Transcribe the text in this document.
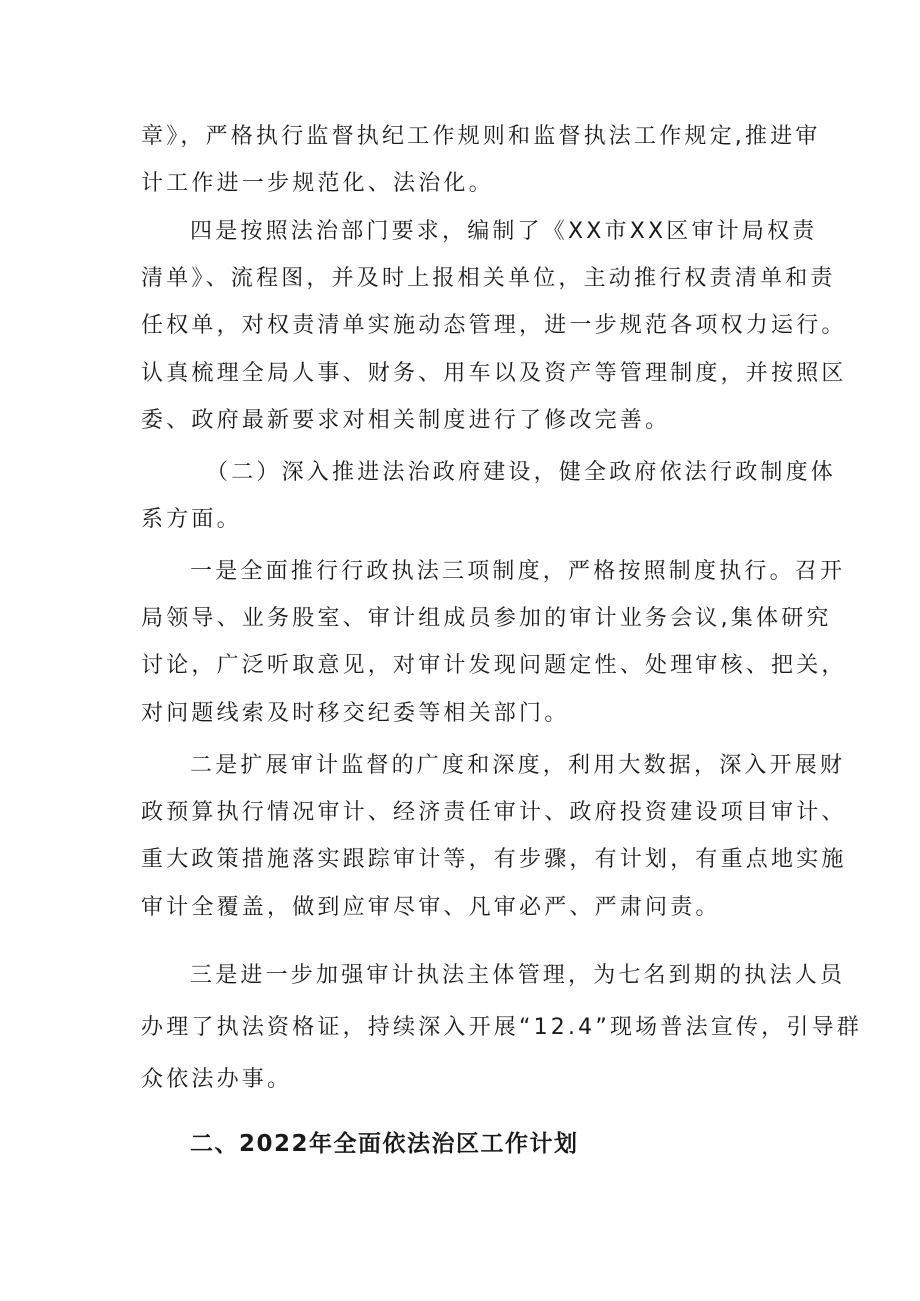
章》，严格执行监督执纪工作规则和监督执法工作规定,推进审
计工作进一步规范化、法治化。
四是按照法治部门要求，编制了《XX市XX区审计局权责
清单》、流程图，并及时上报相关单位，主动推行权责清单和责
任权单，对权责清单实施动态管理，进一步规范各项权力运行。
认真梳理全局人事、财务、用车以及资产等管理制度，并按照区
委、政府最新要求对相关制度进行了修改完善。
（二）深入推进法治政府建设，健全政府依法行政制度体
系方面。
一是全面推行行政执法三项制度，严格按照制度执行。召开
局领导、业务股室、审计组成员参加的审计业务会议,集体研究
讨论，广泛听取意见，对审计发现问题定性、处理审核、把关，
对问题线索及时移交纪委等相关部门。
二是扩展审计监督的广度和深度，利用大数据，深入开展财
政预算执行情况审计、经济责任审计、政府投资建设项目审计、
重大政策措施落实跟踪审计等，有步骤，有计划，有重点地实施
审计全覆盖，做到应审尽审、凡审必严、严肃问责。
三是进一步加强审计执法主体管理，为七名到期的执法人员
办理了执法资格证，持续深入开展“12.4”现场普法宣传，引导群
众依法办事。
二、2022年全面依法治区工作计划
